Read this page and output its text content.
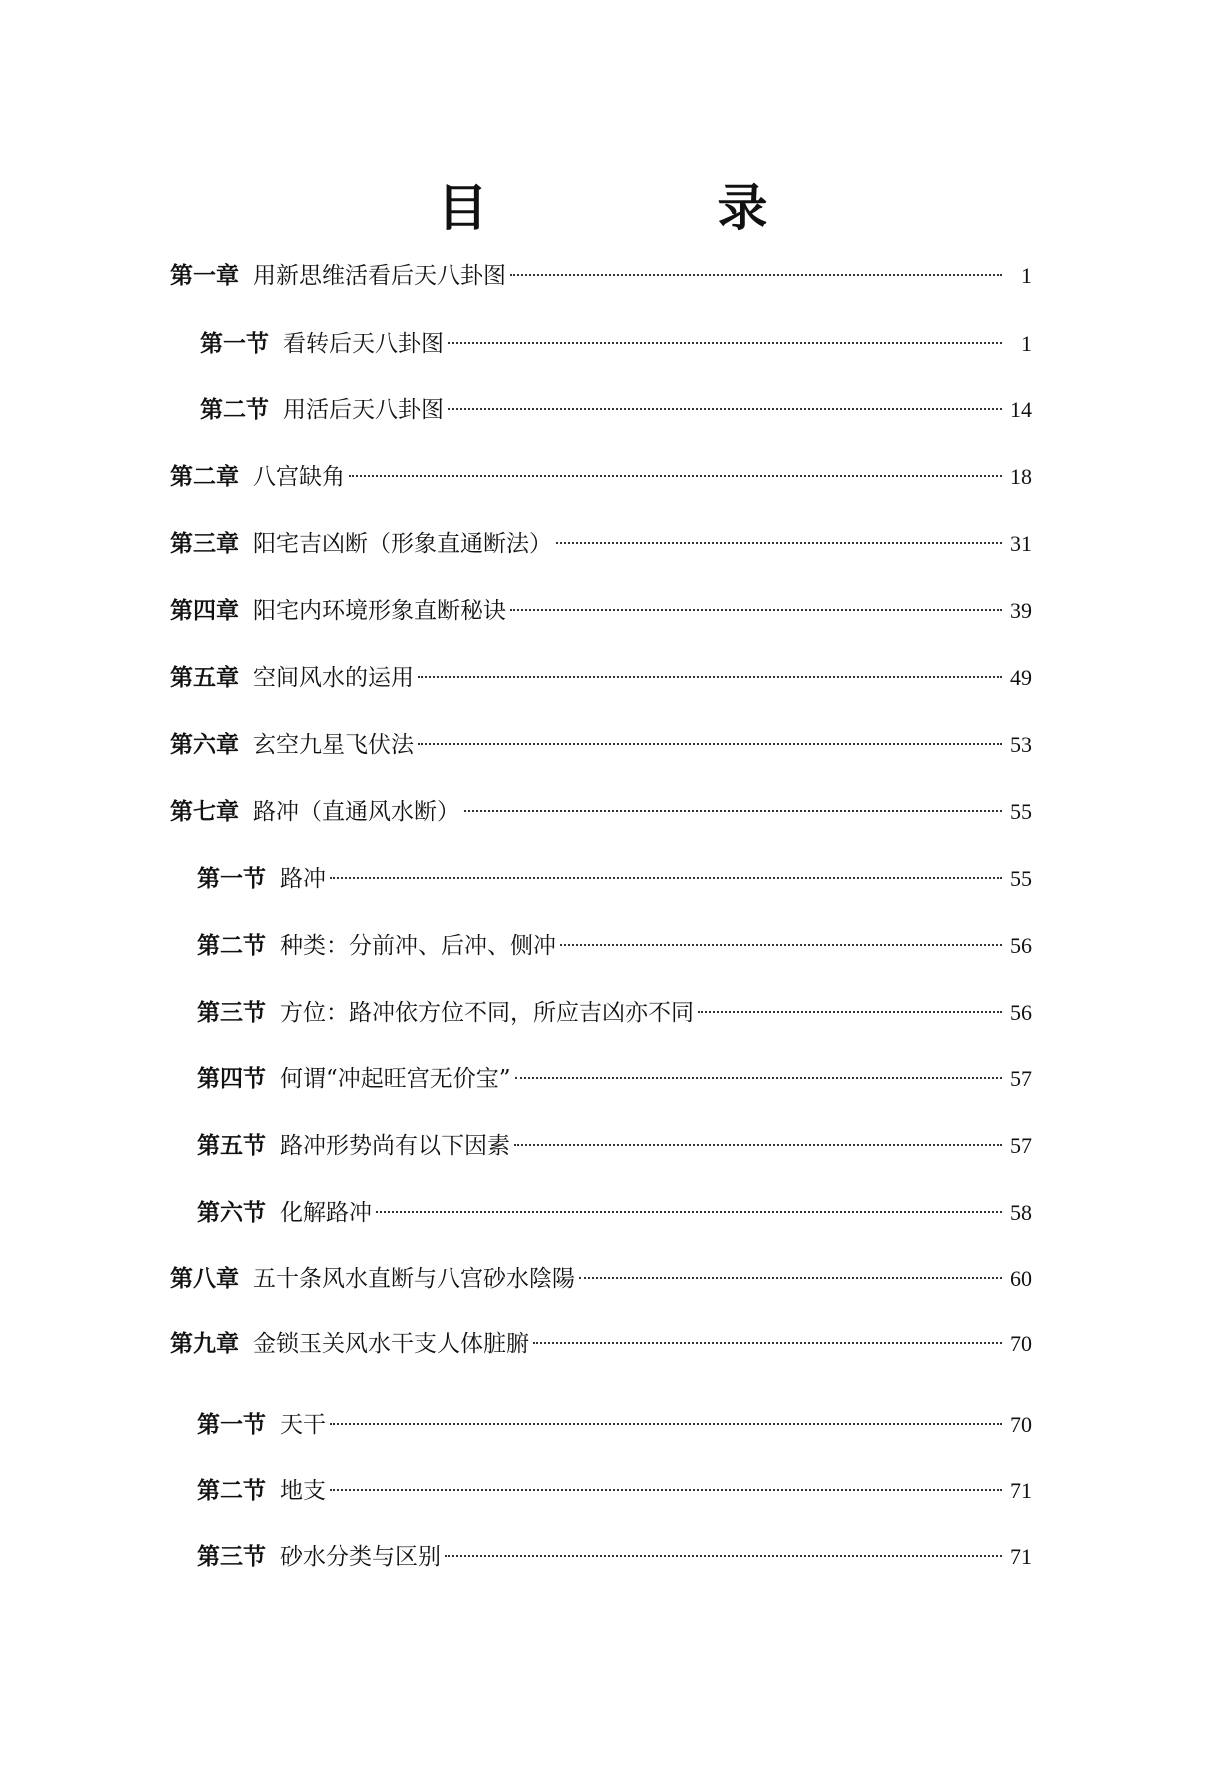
目　录
第一章 用新思维活看后天八卦图	1
第一节 看转后天八卦图	1
第二节 用活后天八卦图	14
第二章 八宫缺角	18
第三章 阳宅吉凶断（形象直通断法）	31
第四章 阳宅内环境形象直断秘诀	39
第五章 空间风水的运用	49
第六章 玄空九星飞伏法	53
第七章 路冲（直通风水断）	55
第一节 路冲	55
第二节 种类：分前冲、后冲、侧冲	56
第三节 方位：路冲依方位不同，所应吉凶亦不同	56
第四节 何谓“冲起旺宫无价宝”	57
第五节 路冲形势尚有以下因素	57
第六节 化解路冲	58
第八章 五十条风水直断与八宫砂水陰陽	60
第九章 金锁玉关风水干支人体脏腑	70
第一节 天干	70
第二节 地支	71
第三节 砂水分类与区别	71
